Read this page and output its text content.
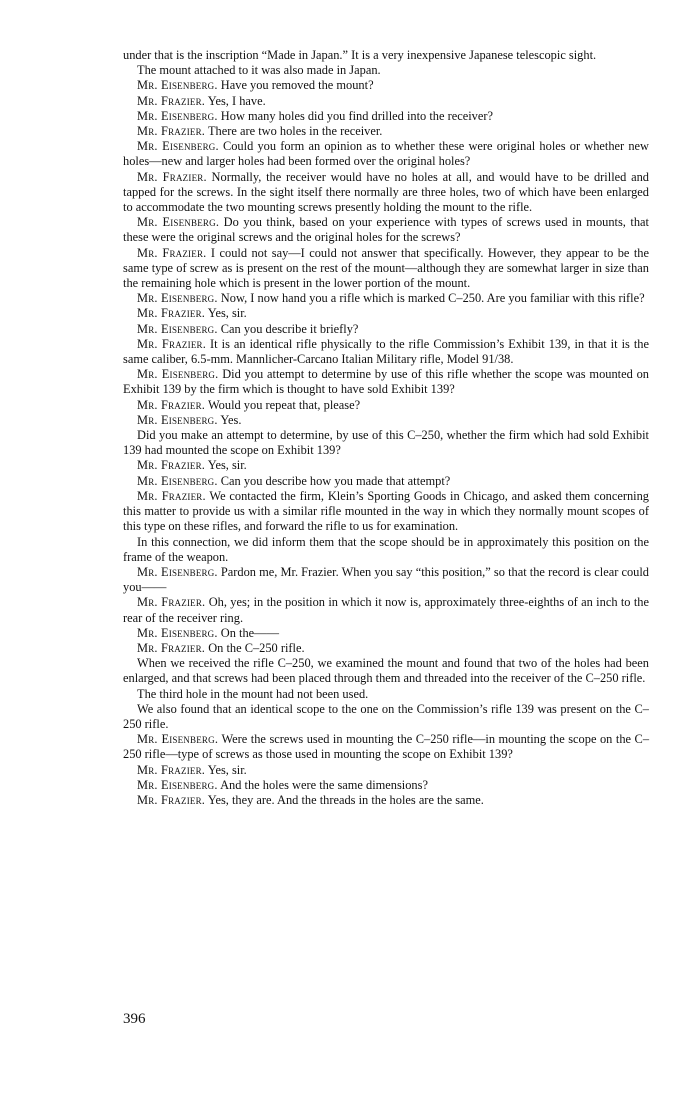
under that is the inscription “Made in Japan.” It is a very inexpensive Japanese telescopic sight.

The mount attached to it was also made in Japan.

Mr. Eisenberg. Have you removed the mount?

Mr. Frazier. Yes, I have.

Mr. Eisenberg. How many holes did you find drilled into the receiver?

Mr. Frazier. There are two holes in the receiver.

Mr. Eisenberg. Could you form an opinion as to whether these were original holes or whether new holes—new and larger holes had been formed over the original holes?

Mr. Frazier. Normally, the receiver would have no holes at all, and would have to be drilled and tapped for the screws. In the sight itself there normally are three holes, two of which have been enlarged to accommodate the two mounting screws presently holding the mount to the rifle.

Mr. Eisenberg. Do you think, based on your experience with types of screws used in mounts, that these were the original screws and the original holes for the screws?

Mr. Frazier. I could not say—I could not answer that specifically. However, they appear to be the same type of screw as is present on the rest of the mount—although they are somewhat larger in size than the remaining hole which is present in the lower portion of the mount.

Mr. Eisenberg. Now, I now hand you a rifle which is marked C–250. Are you familiar with this rifle?

Mr. Frazier. Yes, sir.

Mr. Eisenberg. Can you describe it briefly?

Mr. Frazier. It is an identical rifle physically to the rifle Commission’s Exhibit 139, in that it is the same caliber, 6.5-mm. Mannlicher-Carcano Italian Military rifle, Model 91/38.

Mr. Eisenberg. Did you attempt to determine by use of this rifle whether the scope was mounted on Exhibit 139 by the firm which is thought to have sold Exhibit 139?

Mr. Frazier. Would you repeat that, please?

Mr. Eisenberg. Yes.

Did you make an attempt to determine, by use of this C–250, whether the firm which had sold Exhibit 139 had mounted the scope on Exhibit 139?

Mr. Frazier. Yes, sir.

Mr. Eisenberg. Can you describe how you made that attempt?

Mr. Frazier. We contacted the firm, Klein’s Sporting Goods in Chicago, and asked them concerning this matter to provide us with a similar rifle mounted in the way in which they normally mount scopes of this type on these rifles, and forward the rifle to us for examination.

In this connection, we did inform them that the scope should be in approximately this position on the frame of the weapon.

Mr. Eisenberg. Pardon me, Mr. Frazier. When you say “this position,” so that the record is clear could you——

Mr. Frazier. Oh, yes; in the position in which it now is, approximately three-eighths of an inch to the rear of the receiver ring.

Mr. Eisenberg. On the——

Mr. Frazier. On the C–250 rifle.

When we received the rifle C–250, we examined the mount and found that two of the holes had been enlarged, and that screws had been placed through them and threaded into the receiver of the C–250 rifle.

The third hole in the mount had not been used.

We also found that an identical scope to the one on the Commission’s rifle 139 was present on the C–250 rifle.

Mr. Eisenberg. Were the screws used in mounting the C–250 rifle—in mounting the scope on the C–250 rifle—type of screws as those used in mounting the scope on Exhibit 139?

Mr. Frazier. Yes, sir.

Mr. Eisenberg. And the holes were the same dimensions?

Mr. Frazier. Yes, they are. And the threads in the holes are the same.

396
